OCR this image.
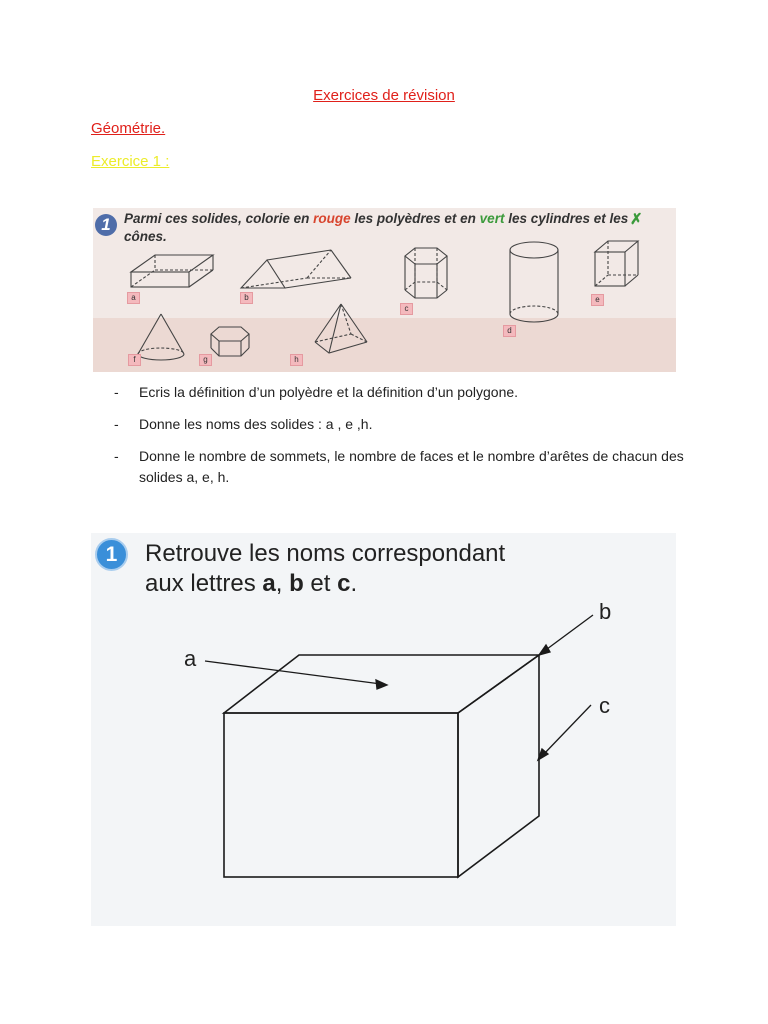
Exercices de révision
Géométrie.
Exercice 1 :
1 Parmi ces solides, colorie en rouge les polyèdres et en vert les cylindres et les cônes.
✗
a	b
c
d
e
f	g	h
- Ecris la définition d’un polyèdre et la définition d’un polygone.
- Donne les noms des solides : a , e ,h.
- Donne le nombre de sommets, le nombre de faces et le nombre d’arêtes de chacun des solides a, e, h.
1	Retrouve les noms correspondant
aux lettres a, b et c.
a
b
c
